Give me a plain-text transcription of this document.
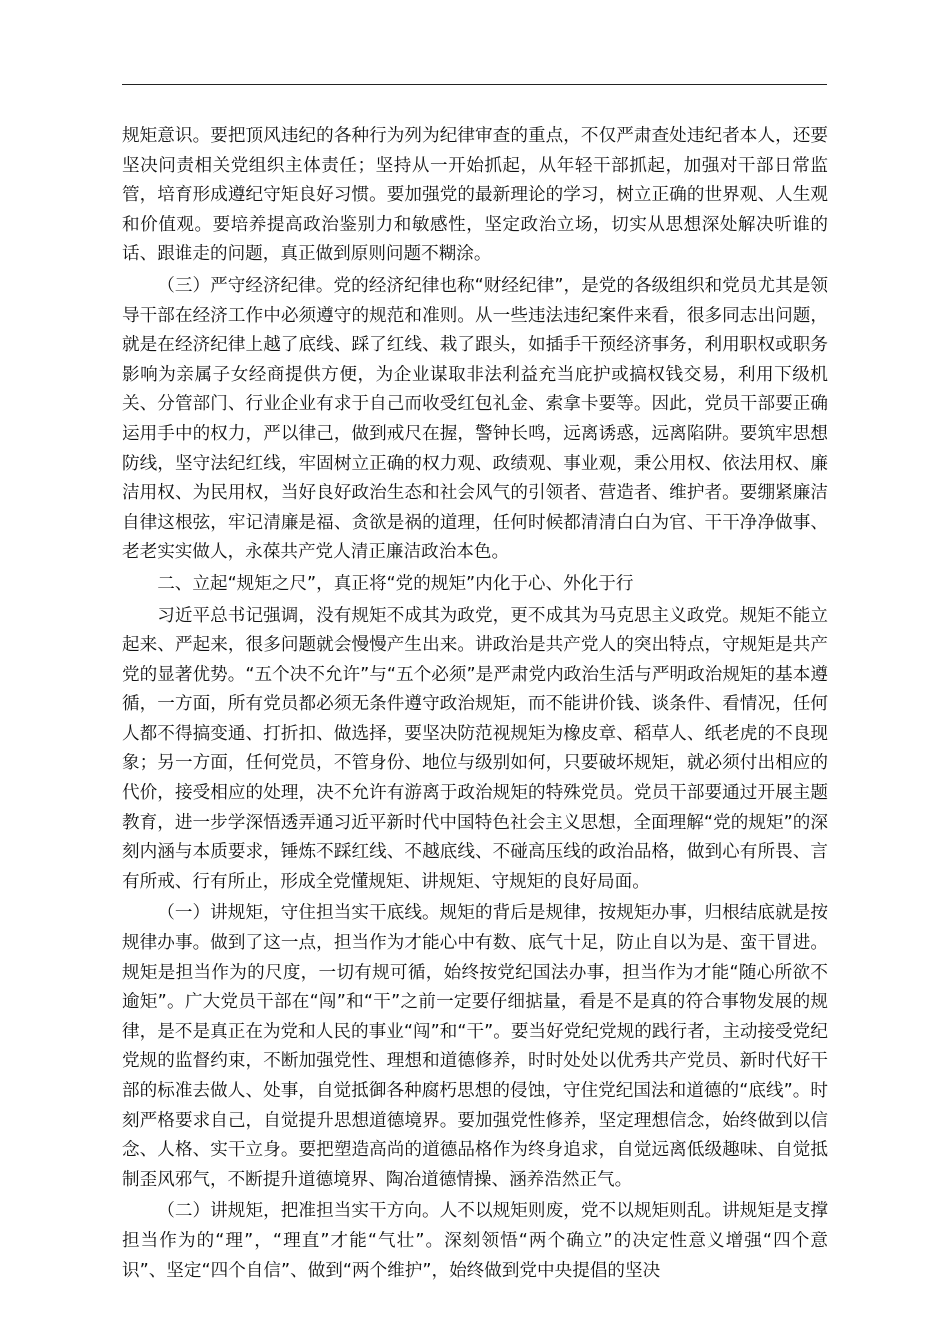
规矩意识。要把顶风违纪的各种行为列为纪律审查的重点，不仅严肃查处违纪者本人，还要坚决问责相关党组织主体责任；坚持从一开始抓起，从年轻干部抓起，加强对干部日常监管，培育形成遵纪守矩良好习惯。要加强党的最新理论的学习，树立正确的世界观、人生观和价值观。要培养提高政治鉴别力和敏感性，坚定政治立场，切实从思想深处解决听谁的话、跟谁走的问题，真正做到原则问题不糊涂。

（三）严守经济纪律。党的经济纪律也称“财经纪律”，是党的各级组织和党员尤其是领导干部在经济工作中必须遵守的规范和准则。从一些违法违纪案件来看，很多同志出问题，就是在经济纪律上越了底线、踩了红线、栽了跟头，如插手干预经济事务，利用职权或职务影响为亲属子女经商提供方便，为企业谋取非法利益充当庇护或搞权钱交易，利用下级机关、分管部门、行业企业有求于自己而收受红包礼金、索拿卡要等。因此，党员干部要正确运用手中的权力，严以律己，做到戒尺在握，警钟长鸣，远离诱惑，远离陷阱。要筑牢思想防线，坚守法纪红线，牢固树立正确的权力观、政绩观、事业观，秉公用权、依法用权、廉洁用权、为民用权，当好良好政治生态和社会风气的引领者、营造者、维护者。要绷紧廉洁自律这根弦，牢记清廉是福、贪欲是祸的道理，任何时候都清清白白为官、干干净净做事、老老实实做人，永葆共产党人清正廉洁政治本色。

二、立起“规矩之尺”，真正将“党的规矩”内化于心、外化于行

习近平总书记强调，没有规矩不成其为政党，更不成其为马克思主义政党。规矩不能立起来、严起来，很多问题就会慢慢产生出来。讲政治是共产党人的突出特点，守规矩是共产党的显著优势。“五个决不允许”与“五个必须”是严肃党内政治生活与严明政治规矩的基本遵循，一方面，所有党员都必须无条件遵守政治规矩，而不能讲价钱、谈条件、看情况，任何人都不得搞变通、打折扣、做选择，要坚决防范视规矩为橡皮章、稻草人、纸老虎的不良现象；另一方面，任何党员，不管身份、地位与级别如何，只要破坏规矩，就必须付出相应的代价，接受相应的处理，决不允许有游离于政治规矩的特殊党员。党员干部要通过开展主题教育，进一步学深悟透弄通习近平新时代中国特色社会主义思想，全面理解“党的规矩”的深刻内涵与本质要求，锤炼不踩红线、不越底线、不碰高压线的政治品格，做到心有所畏、言有所戒、行有所止，形成全党懂规矩、讲规矩、守规矩的良好局面。

（一）讲规矩，守住担当实干底线。规矩的背后是规律，按规矩办事，归根结底就是按规律办事。做到了这一点，担当作为才能心中有数、底气十足，防止自以为是、蛮干冒进。规矩是担当作为的尺度，一切有规可循，始终按党纪国法办事，担当作为才能“随心所欲不逾矩”。广大党员干部在“闯”和“干”之前一定要仔细掂量，看是不是真的符合事物发展的规律，是不是真正在为党和人民的事业“闯”和“干”。要当好党纪党规的践行者，主动接受党纪党规的监督约束，不断加强党性、理想和道德修养，时时处处以优秀共产党员、新时代好干部的标准去做人、处事，自觉抵御各种腐朽思想的侵蚀，守住党纪国法和道德的“底线”。时刻严格要求自己，自觉提升思想道德境界。要加强党性修养，坚定理想信念，始终做到以信念、人格、实干立身。要把塑造高尚的道德品格作为终身追求，自觉远离低级趣味、自觉抵制歪风邪气，不断提升道德境界、陶冶道德情操、涵养浩然正气。

（二）讲规矩，把准担当实干方向。人不以规矩则废，党不以规矩则乱。讲规矩是支撑担当作为的“理”，“理直”才能“气壮”。深刻领悟“两个确立”的决定性意义增强“四个意识”、坚定“四个自信”、做到“两个维护”，始终做到党中央提倡的坚决
